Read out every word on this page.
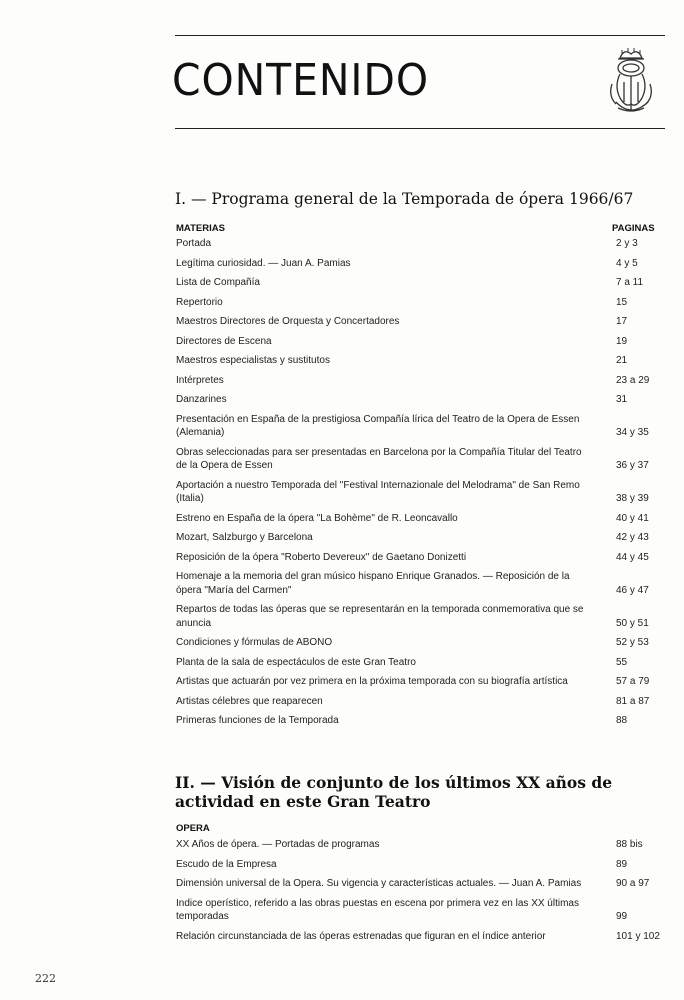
CONTENIDO
I. — Programa general de la Temporada de ópera 1966/67
MATERIAS	PAGINAS
Portada	2 y 3
Legítima curiosidad. — Juan A. Pamias	4 y 5
Lista de Compañía	7 a 11
Repertorio	15
Maestros Directores de Orquesta y Concertadores	17
Directores de Escena	19
Maestros especialistas y sustitutos	21
Intérpretes	23 a 29
Danzarines	31
Presentación en España de la prestigiosa Compañía lírica del Teatro de la Opera de Essen (Alemania)	34 y 35
Obras seleccionadas para ser presentadas en Barcelona por la Compañía Titular del Teatro de la Opera de Essen	36 y 37
Aportación a nuestro Temporada del "Festival Internazionale del Melodrama" de San Remo (Italia)	38 y 39
Estreno en España de la ópera "La Bohème" de R. Leoncavallo	40 y 41
Mozart, Salzburgo y Barcelona	42 y 43
Reposición de la ópera "Roberto Devereux" de Gaetano Donizetti	44 y 45
Homenaje a la memoria del gran músico hispano Enrique Granados. — Reposición de la ópera "María del Carmen"	46 y 47
Repartos de todas las óperas que se representarán en la temporada conmemorativa que se anuncia	50 y 51
Condiciones y fórmulas de ABONO	52 y 53
Planta de la sala de espectáculos de este Gran Teatro	55
Artistas que actuarán por vez primera en la próxima temporada con su biografía artística	57 a 79
Artistas célebres que reaparecen	81 a 87
Primeras funciones de la Temporada	88
II. — Visión de conjunto de los últimos XX años de actividad en este Gran Teatro
OPERA
XX Años de ópera. — Portadas de programas	88 bis
Escudo de la Empresa	89
Dimensión universal de la Opera. Su vigencia y características actuales. — Juan A. Pamias	90 a 97
Indice operístico, referido a las obras puestas en escena por primera vez en las XX últimas temporadas	99
Relación circunstanciada de las óperas estrenadas que figuran en el índice anterior	101 y 102
222
